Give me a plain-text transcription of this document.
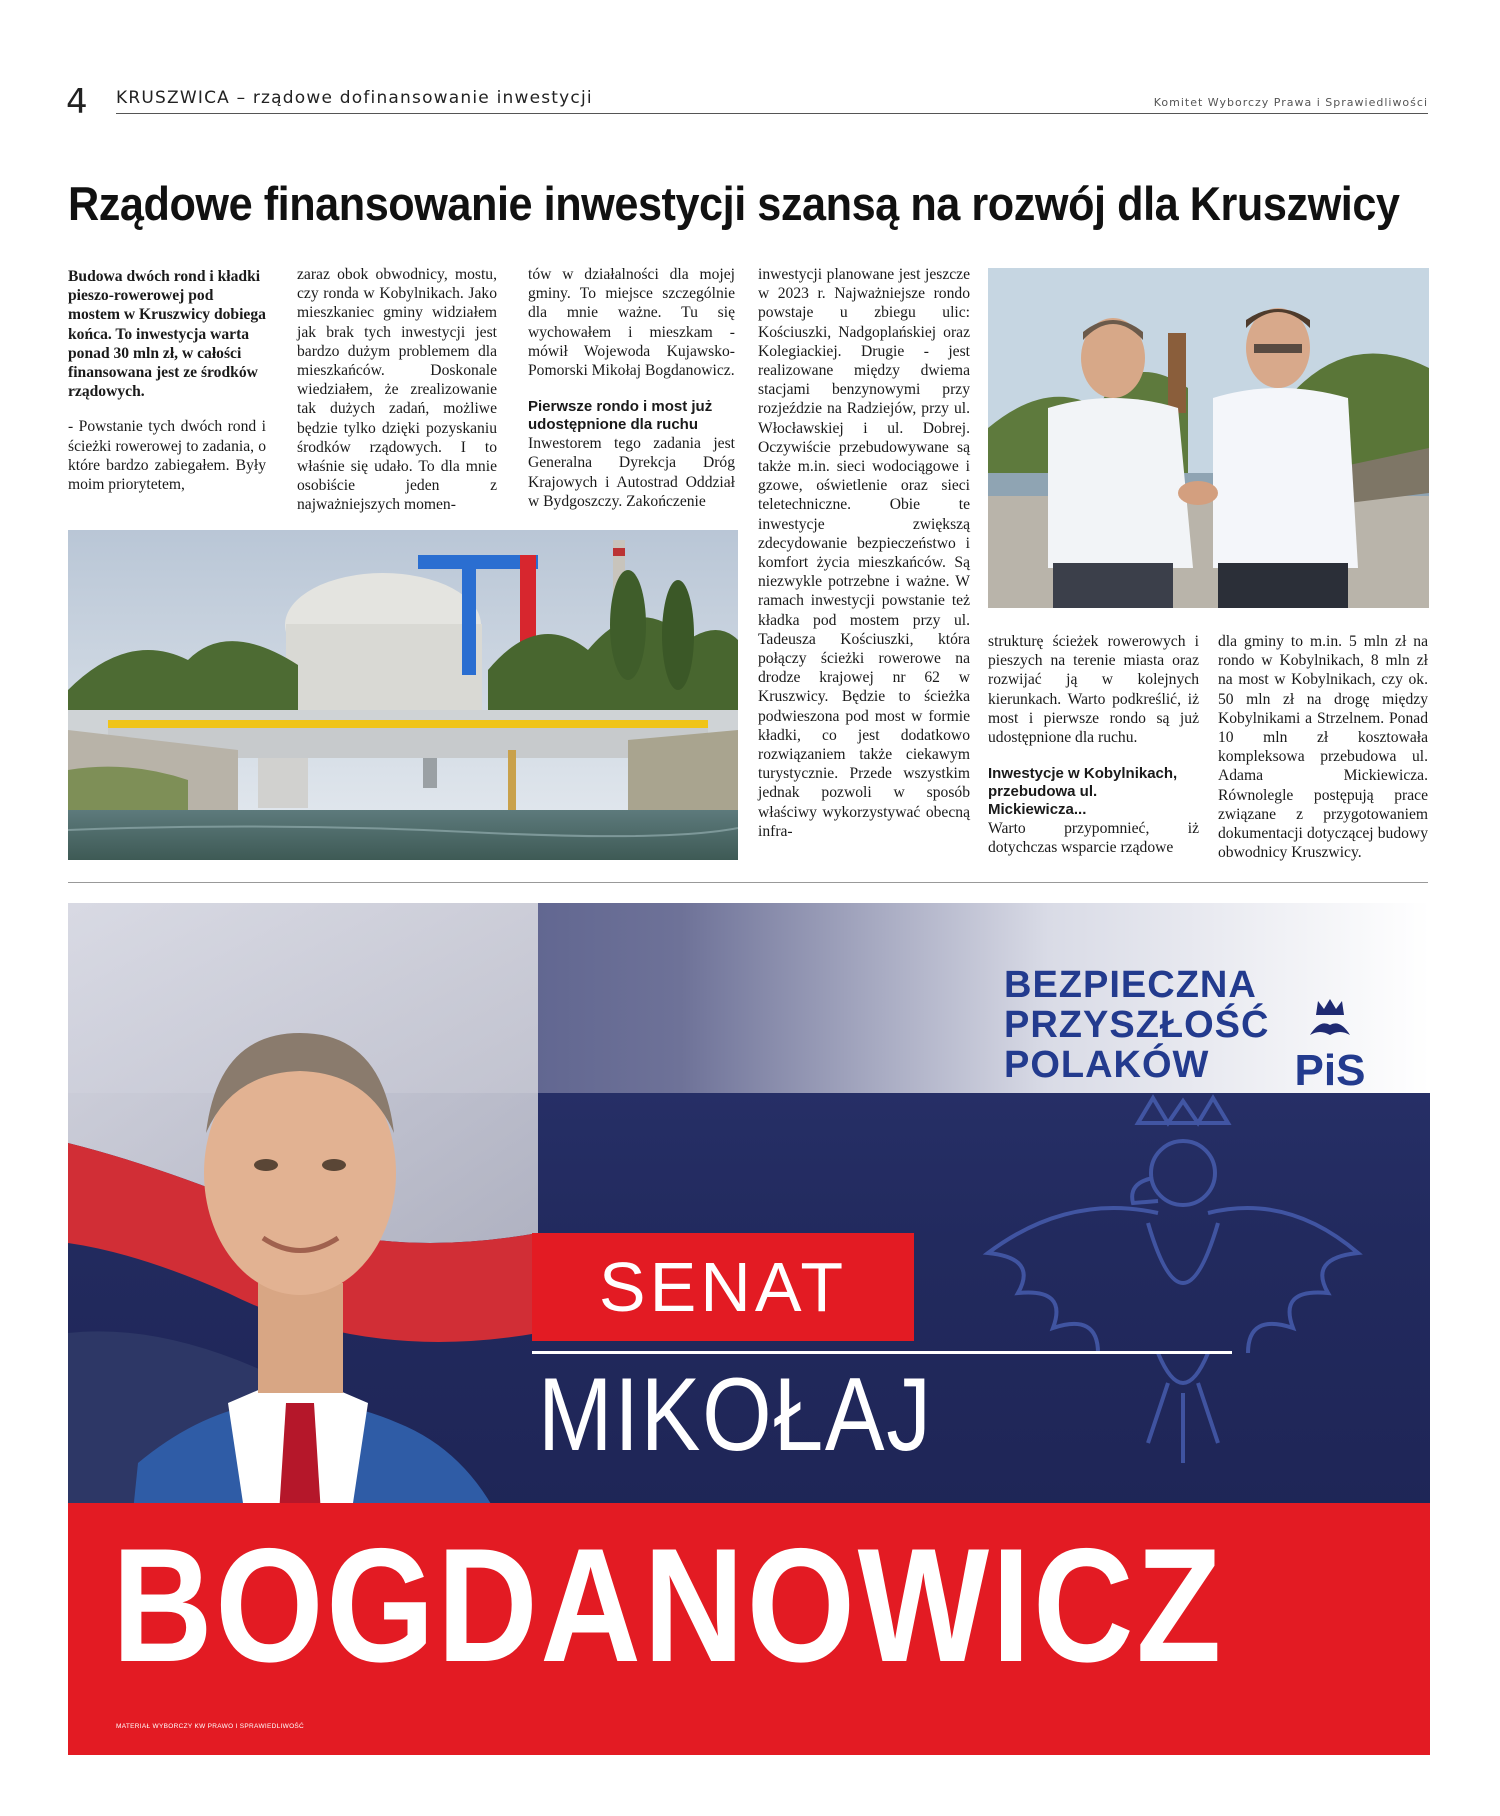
4 KRUSZWICA – rządowe dofinansowanie inwestycji	Komitet Wyborczy Prawa i Sprawiedliwości
Rządowe finansowanie inwestycji szansą na rozwój dla Kruszwicy

Budowa dwóch rond i kładki pieszo-rowerowej pod mostem w Kruszwicy dobiega końca. To inwestycja warta ponad 30 mln zł, w całości finansowana jest ze środków rządowych.

- Powstanie tych dwóch rond i ścieżki rowerowej to zadania, o które bardzo zabiegałem. Były moim priorytetem,

zaraz obok obwodnicy, mostu, czy ronda w Kobylnikach. Jako mieszkaniec gminy widziałem jak brak tych inwestycji jest bardzo dużym problemem dla mieszkańców. Doskonale wiedziałem, że zrealizowanie tak dużych zadań, możliwe będzie tylko dzięki pozyskaniu środków rządowych. I to właśnie się udało. To dla mnie osobiście jeden z najważniejszych momen-

tów w działalności dla mojej gminy. To miejsce szczególnie dla mnie ważne. Tu się wychowałem i mieszkam - mówił Wojewoda Kujawsko-Pomorski Mikołaj Bogdanowicz.

Pierwsze rondo i most już udostępnione dla ruchu

Inwestorem tego zadania jest Generalna Dyrekcja Dróg Krajowych i Autostrad Oddział w Bydgoszczy. Zakończenie

inwestycji planowane jest jeszcze w 2023 r. Najważniejsze rondo powstaje u zbiegu ulic: Kościuszki, Nadgoplańskiej oraz Kolegiackiej. Drugie - jest realizowane między dwiema stacjami benzynowymi przy rozjeździe na Radziejów, przy ul. Włocławskiej i ul. Dobrej. Oczywiście przebudowywane są także m.in. sieci wodociągowe i gzowe, oświetlenie oraz sieci teletechniczne. Obie te inwestycje zwiększą zdecydowanie bezpieczeństwo i komfort życia mieszkańców. Są niezwykle potrzebne i ważne. W ramach inwestycji powstanie też kładka pod mostem przy ul. Tadeusza Kościuszki, która połączy ścieżki rowerowe na drodze krajowej nr 62 w Kruszwicy. Będzie to ścieżka podwieszona pod most w formie kładki, co jest dodatkowo rozwiązaniem także ciekawym turystycznie. Przede wszystkim jednak pozwoli w sposób właściwy wykorzystywać obecną infra-

strukturę ścieżek rowerowych i pieszych na terenie miasta oraz rozwijać ją w kolejnych kierunkach. Warto podkreślić, iż most i pierwsze rondo są już udostępnione dla ruchu.

Inwestycje w Kobylnikach, przebudowa ul. Mickiewicza...

Warto przypomnieć, iż dotychczas wsparcie rządowe

dla gminy to m.in. 5 mln zł na rondo w Kobylnikach, 8 mln zł na most w Kobylnikach, czy ok. 50 mln zł na drogę między Kobylnikami a Strzelnem. Ponad 10 mln zł kosztowała kompleksowa przebudowa ul. Adama Mickiewicza. Równolegle postępują prace związane z przygotowaniem dokumentacji dotyczącej budowy obwodnicy Kruszwicy.

BEZPIECZNA
PRZYSZŁOŚĆ
POLAKÓW	PiS
SENAT
MIKOŁAJ
BOGDANOWICZ
MATERIAŁ WYBORCZY KW PRAWO I SPRAWIEDLIWOŚĆ
